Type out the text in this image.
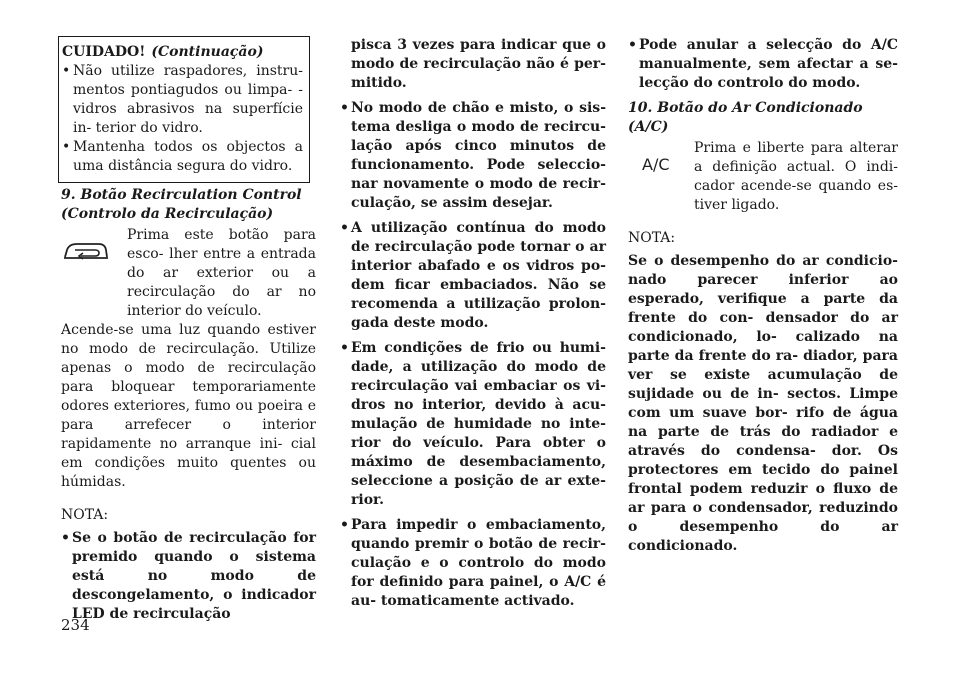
CUIDADO! (Continuação)
• Não utilize raspadores, instru- mentos pontiagudos ou limpa- -vidros abrasivos na superfície in- terior do vidro.
• Mantenha todos os objectos a uma distância segura do vidro.
9. Botão Recirculation Control (Controlo da Recirculação)
Prima este botão para esco- lher entre a entrada do ar exterior ou a recirculação do ar no interior do veículo.
Acende-se uma luz quando estiver no modo de recirculação. Utilize apenas o modo de recirculação para bloquear temporariamente odores exteriores, fumo ou poeira e para arrefecer o interior rapidamente no arranque ini- cial em condições muito quentes ou húmidas.
NOTA:
• Se o botão de recirculação for premido quando o sistema está no modo de descongelamento, o indicador LED de recirculação
pisca 3 vezes para indicar que o modo de recirculação não é per- mitido.
• No modo de chão e misto, o sis- tema desliga o modo de recircu- lação após cinco minutos de funcionamento. Pode seleccio- nar novamente o modo de recir- culação, se assim desejar.
• A utilização contínua do modo de recirculação pode tornar o ar interior abafado e os vidros po- dem ficar embaciados. Não se recomenda a utilização prolon- gada deste modo.
• Em condições de frio ou humi- dade, a utilização do modo de recirculação vai embaciar os vi- dros no interior, devido à acu- mulação de humidade no inte- rior do veículo. Para obter o máximo de desembaciamento, seleccione a posição de ar exte- rior.
• Para impedir o embaciamento, quando premir o botão de recir- culação e o controlo do modo for definido para painel, o A/C é au- tomaticamente activado.
• Pode anular a selecção do A/C manualmente, sem afectar a se- lecção do controlo do modo.
10. Botão do Ar Condicionado (A/C)
A/C
Prima e liberte para alterar a definição actual. O indi- cador acende-se quando es- tiver ligado.
NOTA:
Se o desempenho do ar condicio- nado parecer inferior ao esperado, verifique a parte da frente do con- densador do ar condicionado, lo- calizado na parte da frente do ra- diador, para ver se existe acumulação de sujidade ou de in- sectos. Limpe com um suave bor- rifo de água na parte de trás do radiador e através do condensa- dor. Os protectores em tecido do painel frontal podem reduzir o fluxo de ar para o condensador, reduzindo o desempenho do ar condicionado.
234
